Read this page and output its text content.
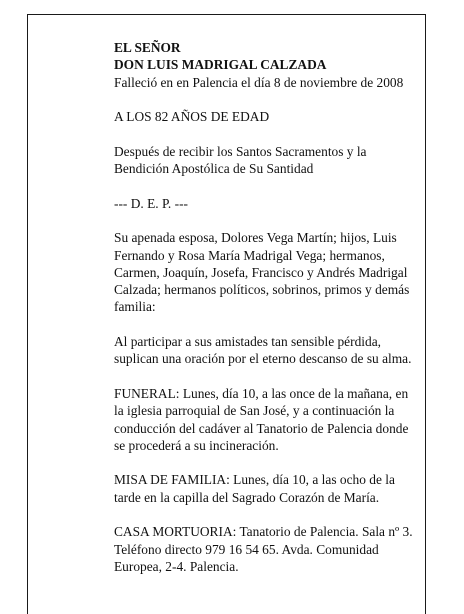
EL SEÑOR

DON LUIS MADRIGAL CALZADA

Falleció en en Palencia el día 8 de noviembre de 2008

A LOS 82 AÑOS DE EDAD

Después de recibir los Santos Sacramentos y la Bendición Apostólica de Su Santidad

--- D. E. P. ---

Su apenada esposa, Dolores Vega Martín; hijos, Luis Fernando y Rosa María Madrigal Vega; hermanos, Carmen, Joaquín, Josefa, Francisco y Andrés Madrigal Calzada; hermanos políticos, sobrinos, primos y demás familia:

Al participar a sus amistades tan sensible pérdida, suplican una oración por el eterno descanso de su alma.

FUNERAL: Lunes, día 10, a las once de la mañana, en la iglesia parroquial de San José, y a continuación la conducción del cadáver al Tanatorio de Palencia donde se procederá a su incineración.

MISA DE FAMILIA: Lunes, día 10, a las ocho de la tarde en la capilla del Sagrado Corazón de María.

CASA MORTUORIA: Tanatorio de Palencia. Sala nº 3. Teléfono directo 979 16 54 65. Avda. Comunidad Europea, 2-4. Palencia.
